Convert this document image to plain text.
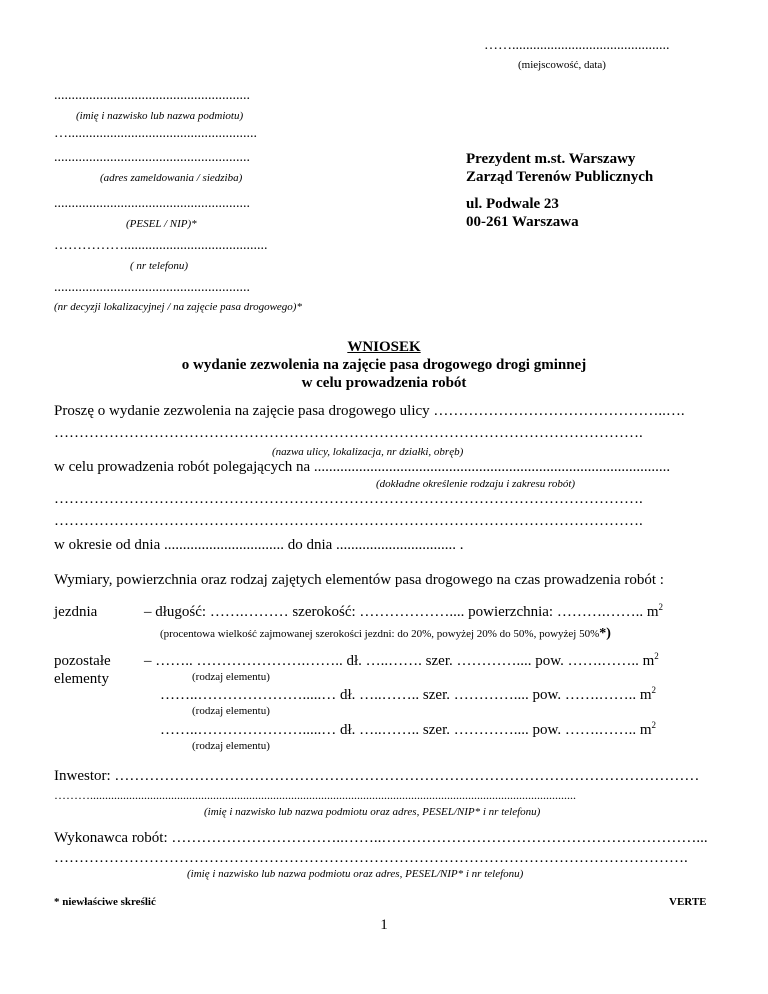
…….............................................
(miejscowość, data)
........................................................
(imię i nazwisko lub nazwa podmiotu)
…......................................................
........................................................
(adres zameldowania / siedziba)
........................................................
(PESEL / NIP)*
…………….........................................
( nr telefonu)
........................................................
(nr decyzji lokalizacyjnej / na zajęcie pasa drogowego)*
Prezydent m.st. Warszawy
Zarząd Terenów Publicznych
ul. Podwale 23
00-261 Warszawa
WNIOSEK
o wydanie zezwolenia na zajęcie pasa drogowego drogi gminnej
w celu prowadzenia robót
Proszę o wydanie zezwolenia na zajęcie pasa drogowego ulicy ………………………………………..….
……………………………………………………………………………………………………….
(nazwa ulicy, lokalizacja, nr działki, obręb)
w celu prowadzenia robót polegających na ...............................................................................................
(dokładne określenie rodzaju i zakresu robót)
……………………………………………………………………………………………………….
……………………………………………………………………………………………………….
w okresie od dnia ................................ do dnia ................................ .
Wymiary, powierzchnia oraz rodzaj zajętych elementów pasa drogowego na czas prowadzenia robót :
jezdnia	– długość: …….……… szerokość: ……………….... powierzchnia: ……….…….. $m^2$
(procentowa wielkość zajmowanej szerokości jezdni: do 20%, powyżej 20% do 50%, powyżej 50%*)
pozostałe
elementy
– …….. ………………….…….. dł. …..……. szer. ………….... pow. …….…….. $m^2$
(rodzaj elementu)
……..………………….....… dł. …..…….. szer. ………….... pow. …….…….. $m^2$
(rodzaj elementu)
……..………………….....… dł. …..…….. szer. ………….... pow. …….…….. $m^2$
(rodzaj elementu)
Inwestor: ………………………………………………………………………………………………………
………..................................................................................................................................................................
(imię i nazwisko lub nazwa podmiotu oraz adres, PESEL/NIP* i nr telefonu)
Wykonawca robót: ……………………………..……..………………………………………………………...
……………………………………………………………………………………………………………….
(imię i nazwisko lub nazwa podmiotu oraz adres, PESEL/NIP* i nr telefonu)
* niewłaściwe skreślić	VERTE
1
